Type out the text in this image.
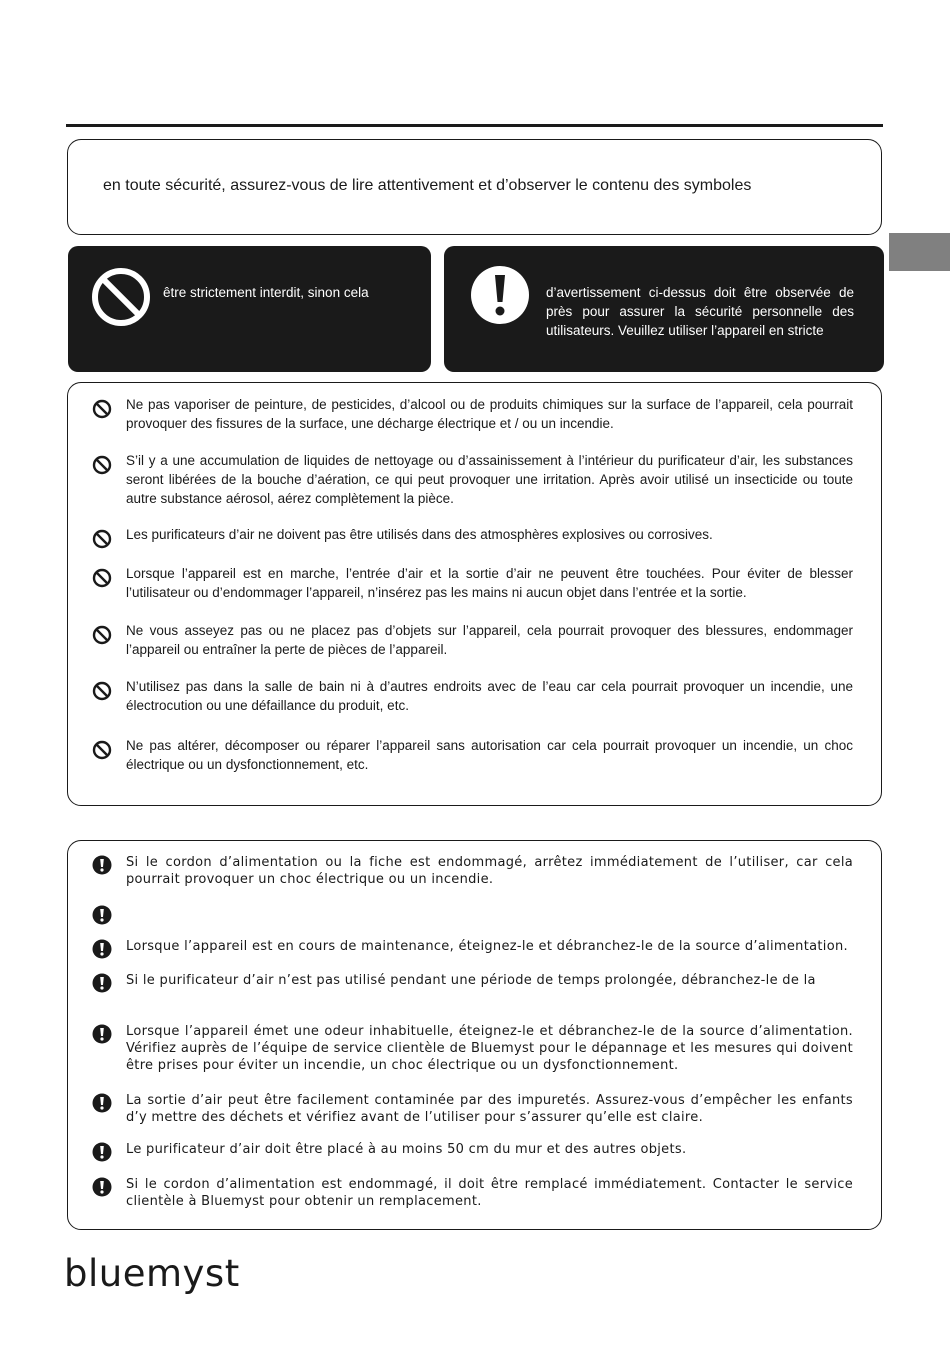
en toute sécurité, assurez-vous de lire attentivement et d’observer le contenu des symboles
être strictement interdit, sinon cela	d’avertissement ci-dessus doit être observée de près pour assurer la sécurité personnelle des utilisateurs. Veuillez utiliser l’appareil en stricte
Ne pas vaporiser de peinture, de pesticides, d’alcool ou de produits chimiques sur la surface de l’appareil, cela pourrait provoquer des fissures de la surface, une décharge électrique et / ou un incendie.
S’il y a une accumulation de liquides de nettoyage ou d’assainissement à l’intérieur du purificateur d’air, les substances seront libérées de la bouche d’aération, ce qui peut provoquer une irritation. Après avoir utilisé un insecticide ou toute autre substance aérosol, aérez complètement la pièce.
Les purificateurs d’air ne doivent pas être utilisés dans des atmosphères explosives ou corrosives.
Lorsque l’appareil est en marche, l’entrée d’air et la sortie d’air ne peuvent être touchées. Pour éviter de blesser l’utilisateur ou d’endommager l’appareil, n’insérez pas les mains ni aucun objet dans l’entrée et la sortie.
Ne vous asseyez pas ou ne placez pas d’objets sur l’appareil, cela pourrait provoquer des blessures, endommager l’appareil ou entraîner la perte de pièces de l’appareil.
N’utilisez pas dans la salle de bain ni à d’autres endroits avec de l’eau car cela pourrait provoquer un incendie, une électrocution ou une défaillance du produit, etc.
Ne pas altérer, décomposer ou réparer l’appareil sans autorisation car cela pourrait provoquer un incendie, un choc électrique ou un dysfonctionnement, etc.
Si le cordon d’alimentation ou la fiche est endommagé, arrêtez immédiatement de l’utiliser, car cela pourrait provoquer un choc électrique ou un incendie.
Lorsque l’appareil est en cours de maintenance, éteignez-le et débranchez-le de la source d’alimentation.
Si le purificateur d’air n’est pas utilisé pendant une période de temps prolongée, débranchez-le de la
Lorsque l’appareil émet une odeur inhabituelle, éteignez-le et débranchez-le de la source d’alimentation. Vérifiez auprès de l’équipe de service clientèle de Bluemyst pour le dépannage et les mesures qui doivent être prises pour éviter un incendie, un choc électrique ou un dysfonctionnement.
La sortie d’air peut être facilement contaminée par des impuretés. Assurez-vous d’empêcher les enfants d’y mettre des déchets et vérifiez avant de l’utiliser pour s’assurer qu’elle est claire.
Le purificateur d’air doit être placé à au moins 50 cm du mur et des autres objets.
Si le cordon d’alimentation est endommagé, il doit être remplacé immédiatement. Contacter le service clientèle à Bluemyst pour obtenir un remplacement.
bluemyst
